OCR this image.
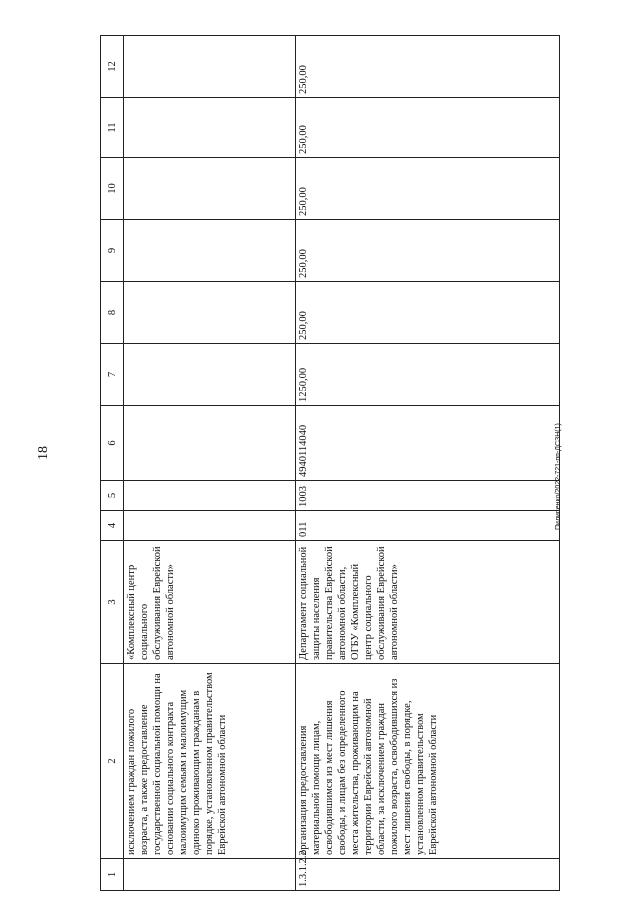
18	Пилипенко/2022-721-пп-ДСЗН(1)
1	2	3	4	5	6	7	8	9	10	11	12
	исключением граждан пожилого возраста, а также предоставление государственной социальной помощи на основании социального контракта малоимущим семьям и малоимущим одиноко проживающим гражданам в порядке, установленном правительством Еврейской автономной области	«Комплексный центр социального обслуживания Еврейской автономной области»									
1.3.1.2.2	организация предоставления материальной помощи лицам, освободившимся из мест лишения свободы, и лицам без определенного места жительства, проживающим на территории Еврейской автономной области, за исключением граждан пожилого возраста, освободившихся из мест лишения свободы, в порядке, установленном правительством Еврейской автономной области	Департамент социальной защиты населения правительства Еврейской автономной области, ОГБУ «Комплексный центр социального обслуживания Еврейской автономной области»	011	1003	4940114040	1250,00	250,00	250,00	250,00	250,00	250,00
